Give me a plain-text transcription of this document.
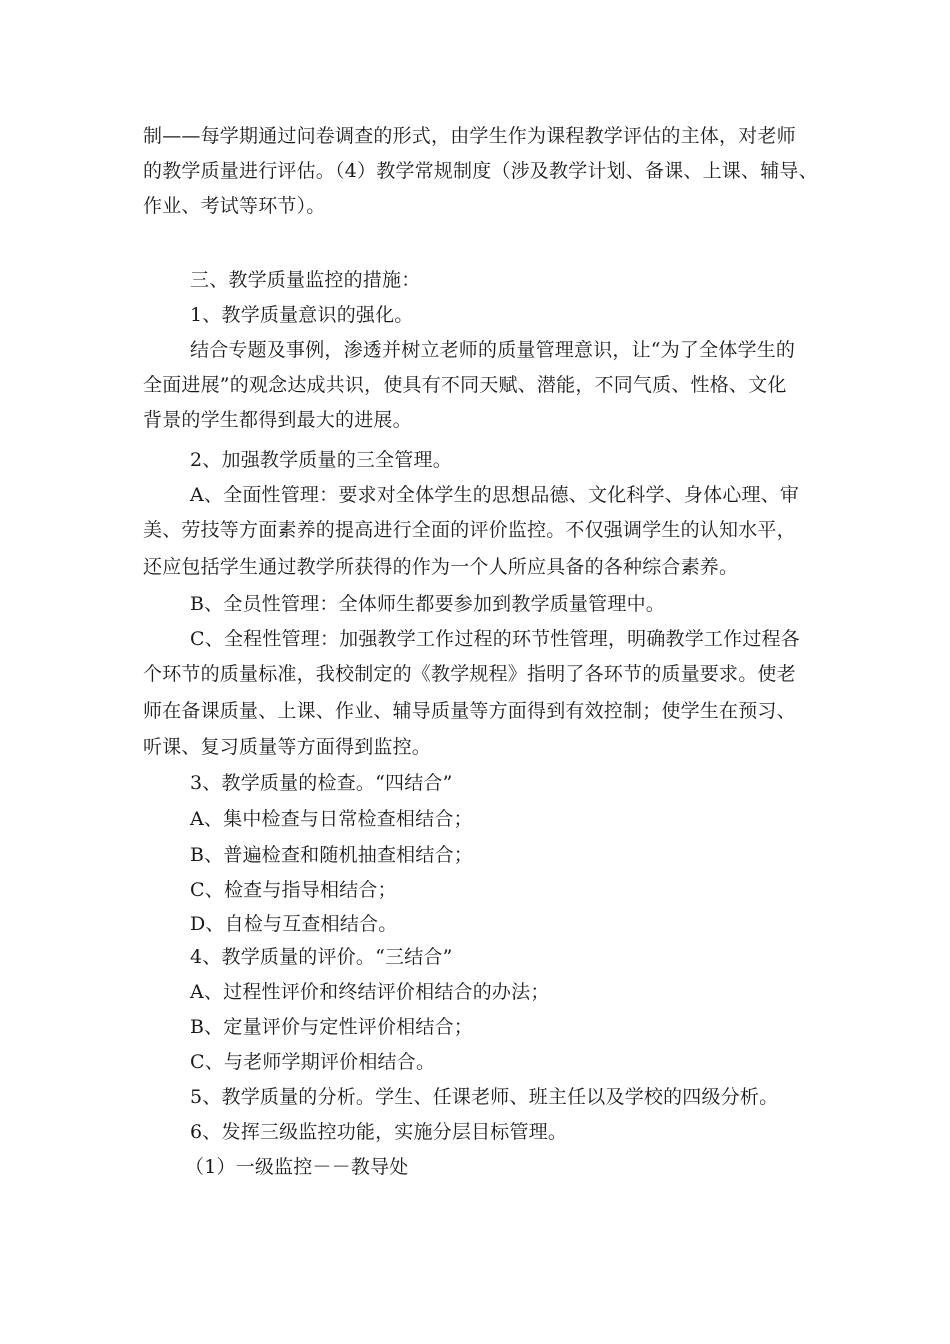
制——每学期通过问卷调查的形式，由学生作为课程教学评估的主体，对老师
的教学质量进行评估。（4）教学常规制度（涉及教学计划、备课、上课、辅导、
作业、考试等环节）。
三、教学质量监控的措施：
1、教学质量意识的强化。
结合专题及事例，渗透并树立老师的质量管理意识，让“为了全体学生的
全面进展”的观念达成共识，使具有不同天赋、潜能，不同气质、性格、文化
背景的学生都得到最大的进展。
2、加强教学质量的三全管理。
A、全面性管理：要求对全体学生的思想品德、文化科学、身体心理、审
美、劳技等方面素养的提高进行全面的评价监控。不仅强调学生的认知水平，
还应包括学生通过教学所获得的作为一个人所应具备的各种综合素养。
B、全员性管理：全体师生都要参加到教学质量管理中。
C、全程性管理：加强教学工作过程的环节性管理，明确教学工作过程各
个环节的质量标准，我校制定的《教学规程》指明了各环节的质量要求。使老
师在备课质量、上课、作业、辅导质量等方面得到有效控制；使学生在预习、
听课、复习质量等方面得到监控。
3、教学质量的检查。“四结合”
A、集中检查与日常检查相结合；
B、普遍检查和随机抽查相结合；
C、检查与指导相结合；
D、自检与互查相结合。
4、教学质量的评价。“三结合”
A、过程性评价和终结评价相结合的办法；
B、定量评价与定性评价相结合；
C、与老师学期评价相结合。
5、教学质量的分析。学生、任课老师、班主任以及学校的四级分析。
6、发挥三级监控功能，实施分层目标管理。
（1）一级监控－－教导处
